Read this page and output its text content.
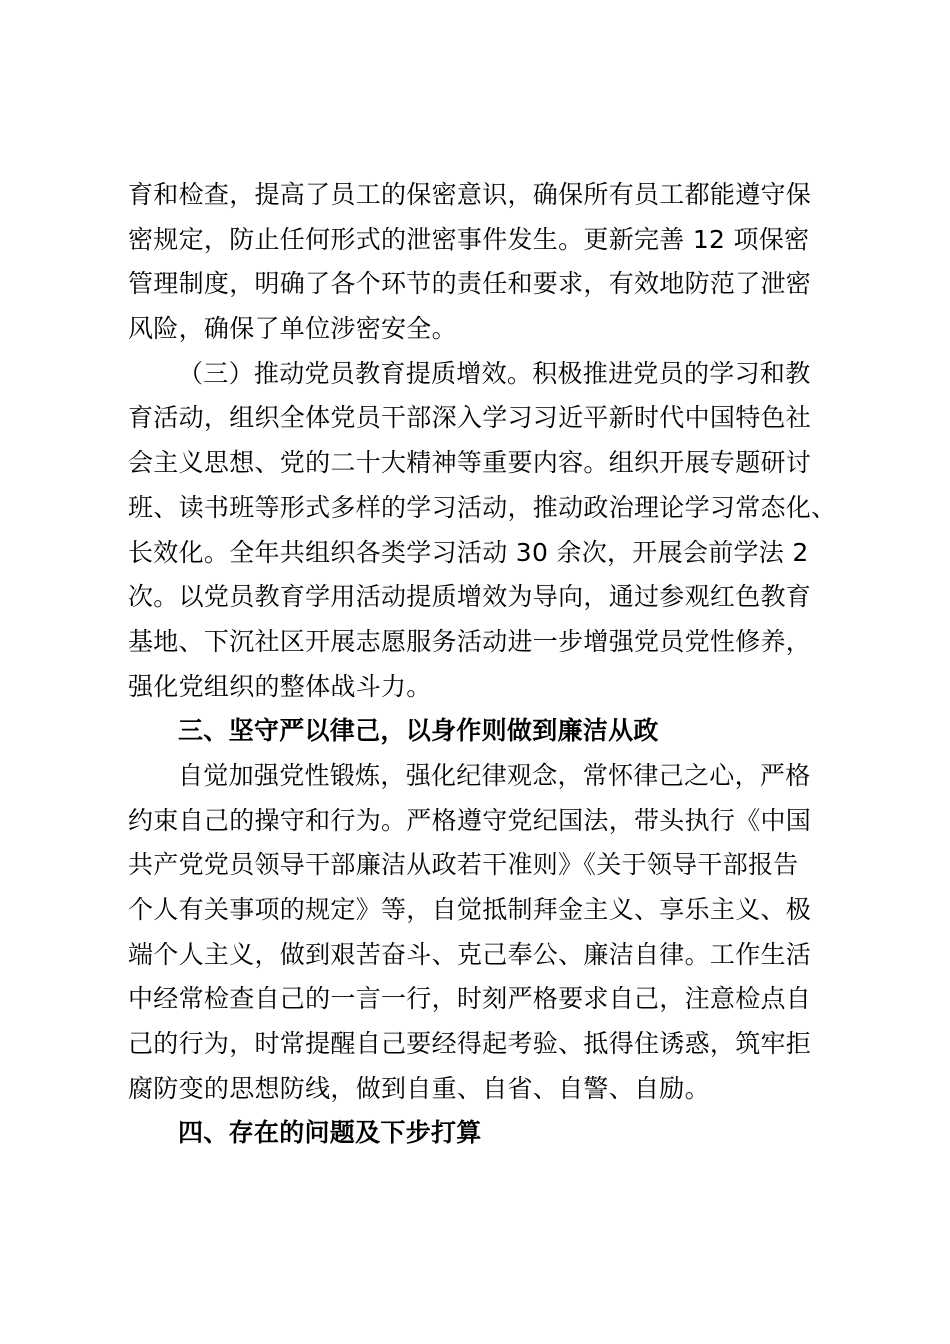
育和检查，提高了员工的保密意识，确保所有员工都能遵守保
密规定，防止任何形式的泄密事件发生。更新完善 12 项保密
管理制度，明确了各个环节的责任和要求，有效地防范了泄密
风险，确保了单位涉密安全。
（三）推动党员教育提质增效。积极推进党员的学习和教
育活动，组织全体党员干部深入学习习近平新时代中国特色社
会主义思想、党的二十大精神等重要内容。组织开展专题研讨
班、读书班等形式多样的学习活动，推动政治理论学习常态化、
长效化。全年共组织各类学习活动 30 余次，开展会前学法 2
次。以党员教育学用活动提质增效为导向，通过参观红色教育
基地、下沉社区开展志愿服务活动进一步增强党员党性修养，
强化党组织的整体战斗力。
三、坚守严以律己，以身作则做到廉洁从政
自觉加强党性锻炼，强化纪律观念，常怀律己之心，严格
约束自己的操守和行为。严格遵守党纪国法，带头执行《中国
共产党党员领导干部廉洁从政若干准则》《关于领导干部报告
个人有关事项的规定》等，自觉抵制拜金主义、享乐主义、极
端个人主义，做到艰苦奋斗、克己奉公、廉洁自律。工作生活
中经常检查自己的一言一行，时刻严格要求自己，注意检点自
己的行为，时常提醒自己要经得起考验、抵得住诱惑，筑牢拒
腐防变的思想防线，做到自重、自省、自警、自励。
四、存在的问题及下步打算
